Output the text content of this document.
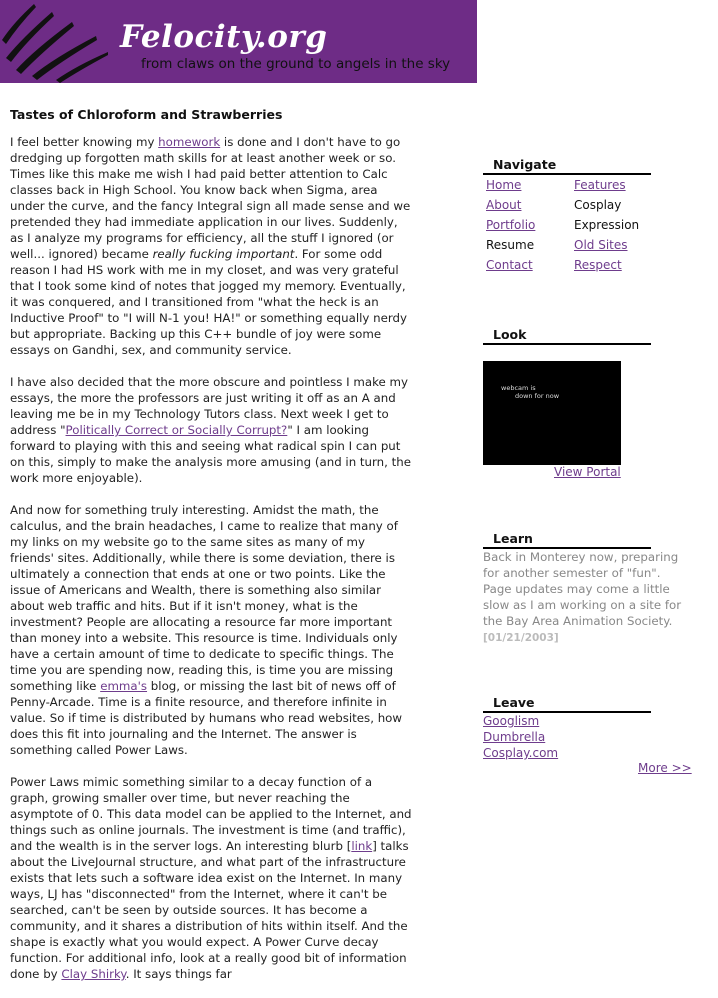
Felocity.org
from claws on the ground to angels in the sky
Tastes of Chloroform and Strawberries

I feel better knowing my homework is done and I don't have to go dredging up forgotten math skills for at least another week or so. Times like this make me wish I had paid better attention to Calc classes back in High School. You know back when Sigma, area under the curve, and the fancy Integral sign all made sense and we pretended they had immediate application in our lives. Suddenly, as I analyze my programs for efficiency, all the stuff I ignored (or well... ignored) became really fucking important. For some odd reason I had HS work with me in my closet, and was very grateful that I took some kind of notes that jogged my memory. Eventually, it was conquered, and I transitioned from "what the heck is an Inductive Proof" to "I will N-1 you! HA!" or something equally nerdy but appropriate. Backing up this C++ bundle of joy were some essays on Gandhi, sex, and community service.

I have also decided that the more obscure and pointless I make my essays, the more the professors are just writing it off as an A and leaving me be in my Technology Tutors class. Next week I get to address "Politically Correct or Socially Corrupt?" I am looking forward to playing with this and seeing what radical spin I can put on this, simply to make the analysis more amusing (and in turn, the work more enjoyable).

And now for something truly interesting. Amidst the math, the calculus, and the brain headaches, I came to realize that many of my links on my website go to the same sites as many of my friends' sites. Additionally, while there is some deviation, there is ultimately a connection that ends at one or two points. Like the issue of Americans and Wealth, there is something also similar about web traffic and hits. But if it isn't money, what is the investment? People are allocating a resource far more important than money into a website. This resource is time. Individuals only have a certain amount of time to dedicate to specific things. The time you are spending now, reading this, is time you are missing something like emma's blog, or missing the last bit of news off of Penny-Arcade. Time is a finite resource, and therefore infinite in value. So if time is distributed by humans who read websites, how does this fit into journaling and the Internet. The answer is something called Power Laws.

Power Laws mimic something similar to a decay function of a graph, growing smaller over time, but never reaching the asymptote of 0. This data model can be applied to the Internet, and things such as online journals. The investment is time (and traffic), and the wealth is in the server logs. An interesting blurb [link] talks about the LiveJournal structure, and what part of the infrastructure exists that lets such a software idea exist on the Internet. In many ways, LJ has "disconnected" from the Internet, where it can't be searched, can't be seen by outside sources. It has become a community, and it shares a distribution of hits within itself. And the shape is exactly what you would expect. A Power Curve decay function. For additional info, look at a really good bit of information done by Clay Shirky. It says things far

Navigate
Home	Features
About	Cosplay
Portfolio	Expression
Resume	Old Sites
Contact	Respect
Look
webcam is
down for now
View Portal
Learn
Back in Monterey now, preparing for another semester of "fun". Page updates may come a little slow as I am working on a site for the Bay Area Animation Society.
[01/21/2003]
Leave
Googlism
Dumbrella
Cosplay.com
More >>
